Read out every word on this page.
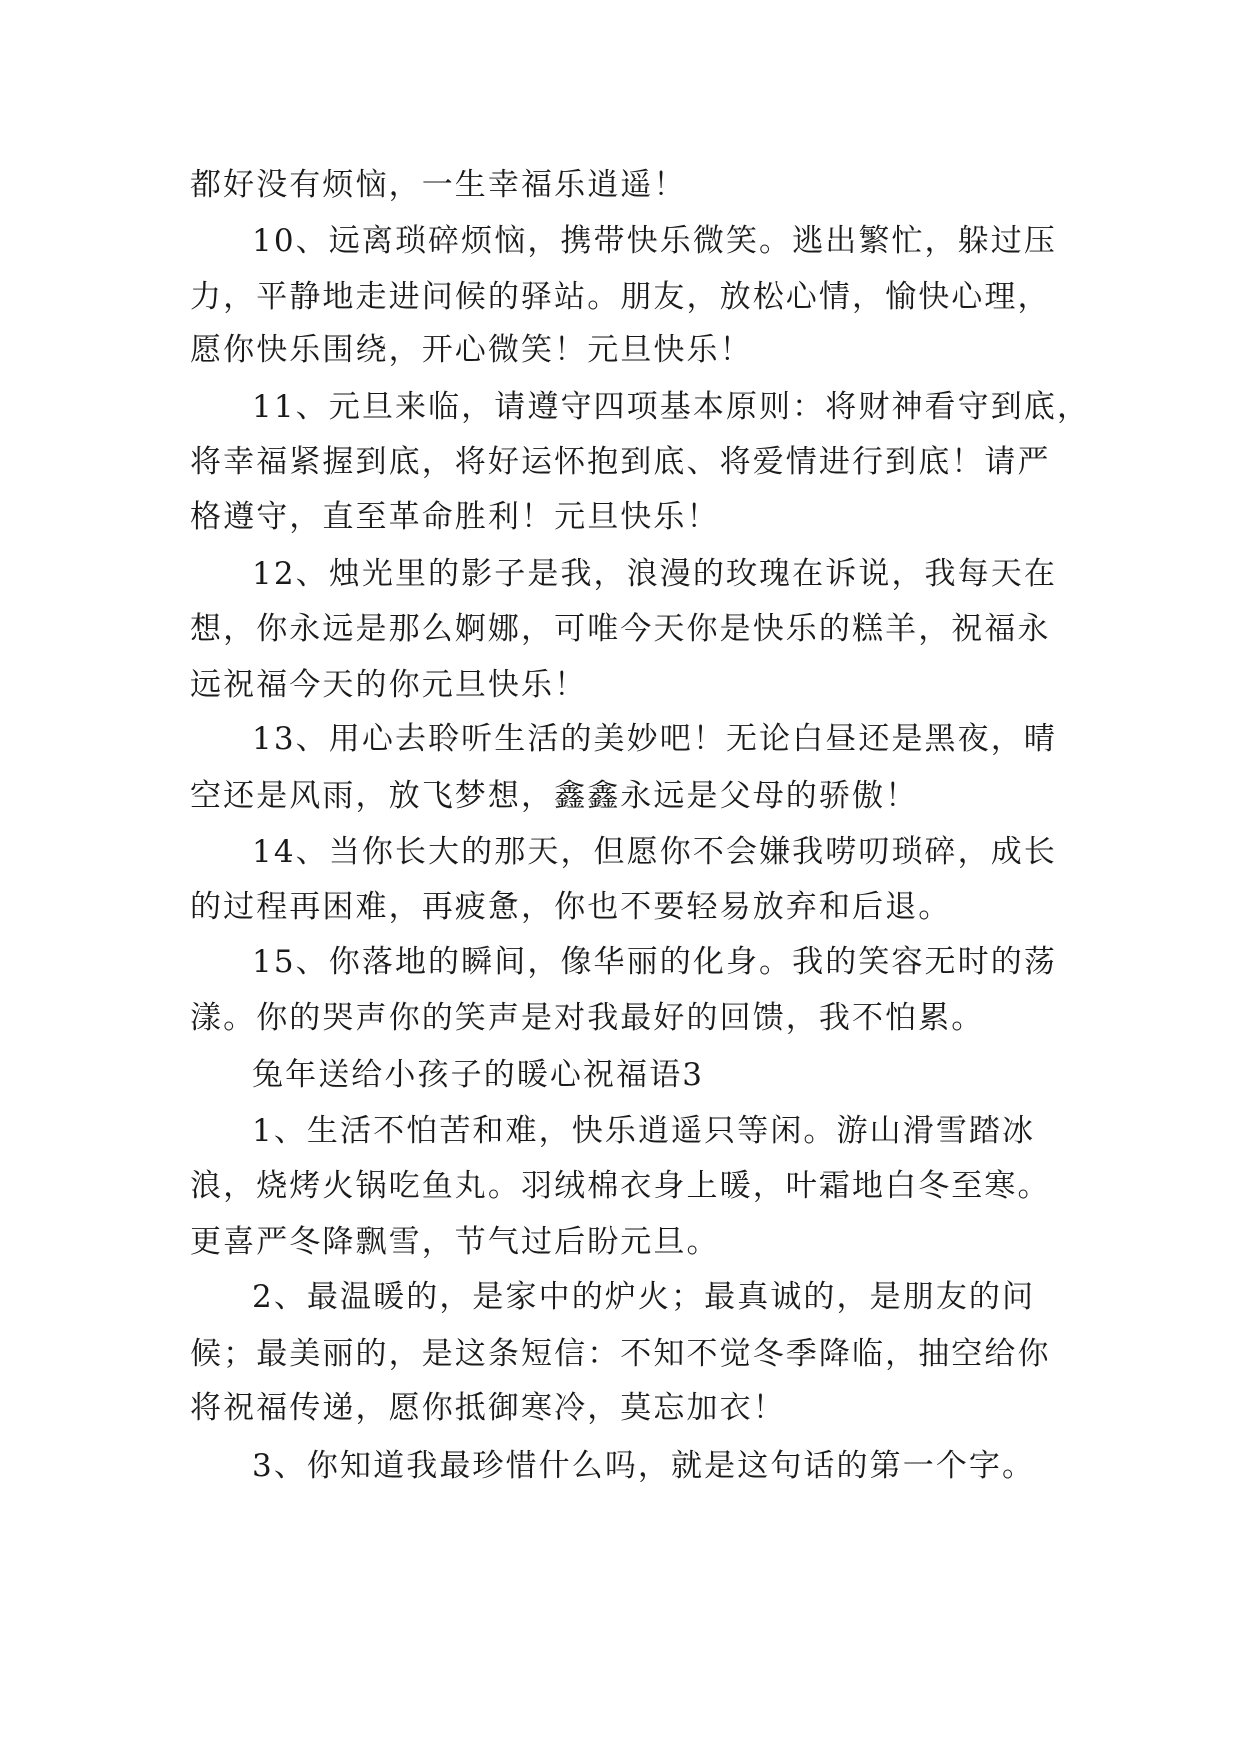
都好没有烦恼，一生幸福乐逍遥！
10、远离琐碎烦恼，携带快乐微笑。逃出繁忙，躲过压
力，平静地走进问候的驿站。朋友，放松心情，愉快心理，
愿你快乐围绕，开心微笑！元旦快乐！
11、元旦来临，请遵守四项基本原则：将财神看守到底，
将幸福紧握到底，将好运怀抱到底、将爱情进行到底！请严
格遵守，直至革命胜利！元旦快乐！
12、烛光里的影子是我，浪漫的玫瑰在诉说，我每天在
想，你永远是那么婀娜，可唯今天你是快乐的糕羊，祝福永
远祝福今天的你元旦快乐！
13、用心去聆听生活的美妙吧！无论白昼还是黑夜，晴
空还是风雨，放飞梦想，鑫鑫永远是父母的骄傲！
14、当你长大的那天，但愿你不会嫌我唠叨琐碎，成长
的过程再困难，再疲惫，你也不要轻易放弃和后退。
15、你落地的瞬间，像华丽的化身。我的笑容无时的荡
漾。你的哭声你的笑声是对我最好的回馈，我不怕累。
兔年送给小孩子的暖心祝福语3
1、生活不怕苦和难，快乐逍遥只等闲。游山滑雪踏冰
浪，烧烤火锅吃鱼丸。羽绒棉衣身上暖，叶霜地白冬至寒。
更喜严冬降飘雪，节气过后盼元旦。
2、最温暖的，是家中的炉火；最真诚的，是朋友的问
候；最美丽的，是这条短信：不知不觉冬季降临，抽空给你
将祝福传递，愿你抵御寒冷，莫忘加衣！
3、你知道我最珍惜什么吗，就是这句话的第一个字。
